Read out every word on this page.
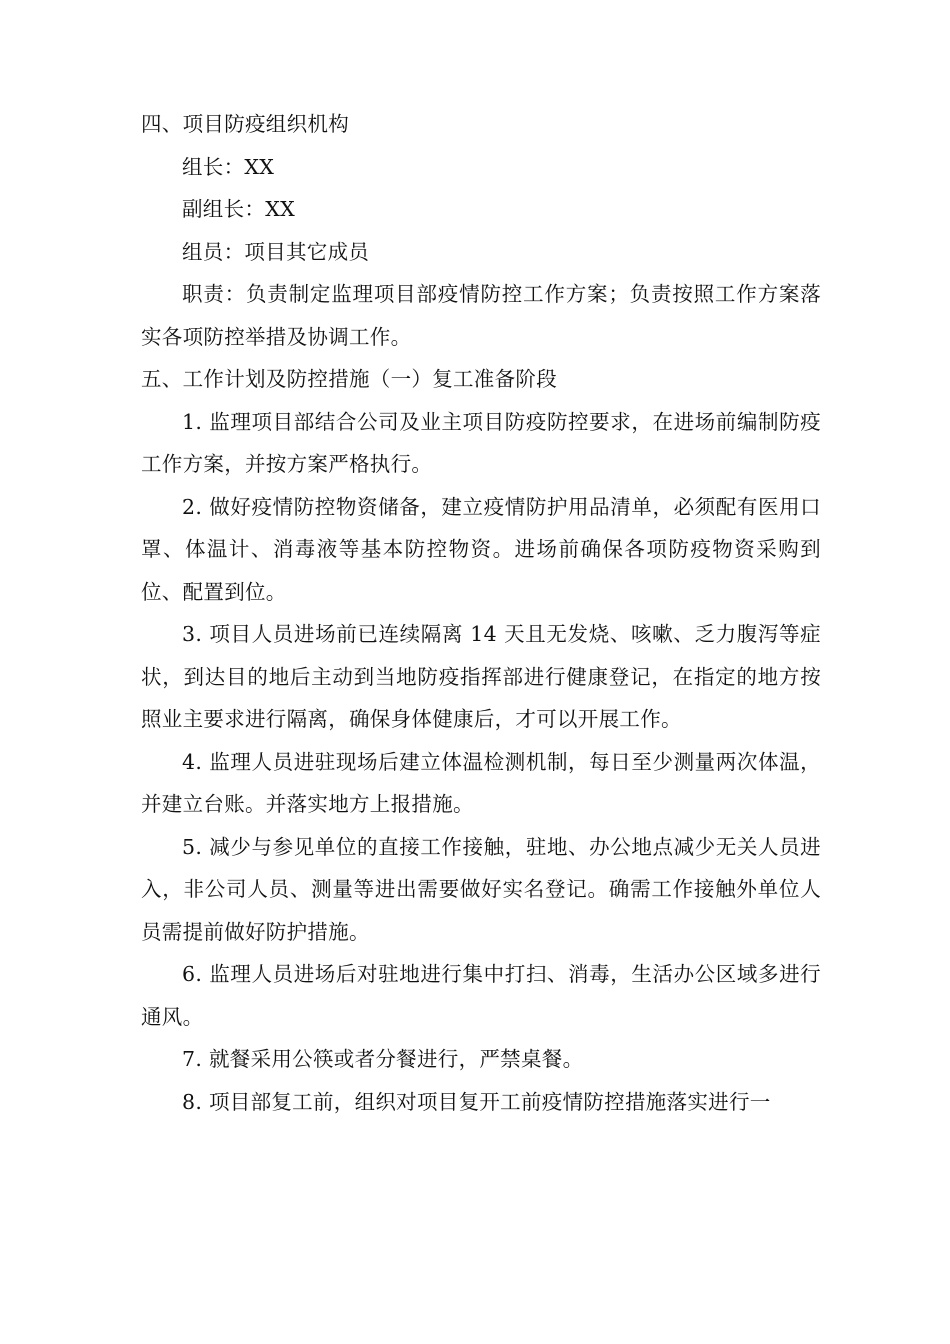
四、项目防疫组织机构

组长：XX

副组长：XX

组员：项目其它成员

职责：负责制定监理项目部疫情防控工作方案；负责按照工作方案落实各项防控举措及协调工作。

五、工作计划及防控措施（一）复工准备阶段

1. 监理项目部结合公司及业主项目防疫防控要求，在进场前编制防疫工作方案，并按方案严格执行。

2. 做好疫情防控物资储备，建立疫情防护用品清单，必须配有医用口罩、体温计、消毒液等基本防控物资。进场前确保各项防疫物资采购到位、配置到位。

3. 项目人员进场前已连续隔离 14 天且无发烧、咳嗽、乏力腹泻等症状，到达目的地后主动到当地防疫指挥部进行健康登记，在指定的地方按照业主要求进行隔离，确保身体健康后，才可以开展工作。

4. 监理人员进驻现场后建立体温检测机制，每日至少测量两次体温，并建立台账。并落实地方上报措施。

5. 减少与参见单位的直接工作接触，驻地、办公地点减少无关人员进入，非公司人员、测量等进出需要做好实名登记。确需工作接触外单位人员需提前做好防护措施。

6. 监理人员进场后对驻地进行集中打扫、消毒，生活办公区域多进行通风。

7. 就餐采用公筷或者分餐进行，严禁桌餐。

8. 项目部复工前，组织对项目复开工前疫情防控措施落实进行一
